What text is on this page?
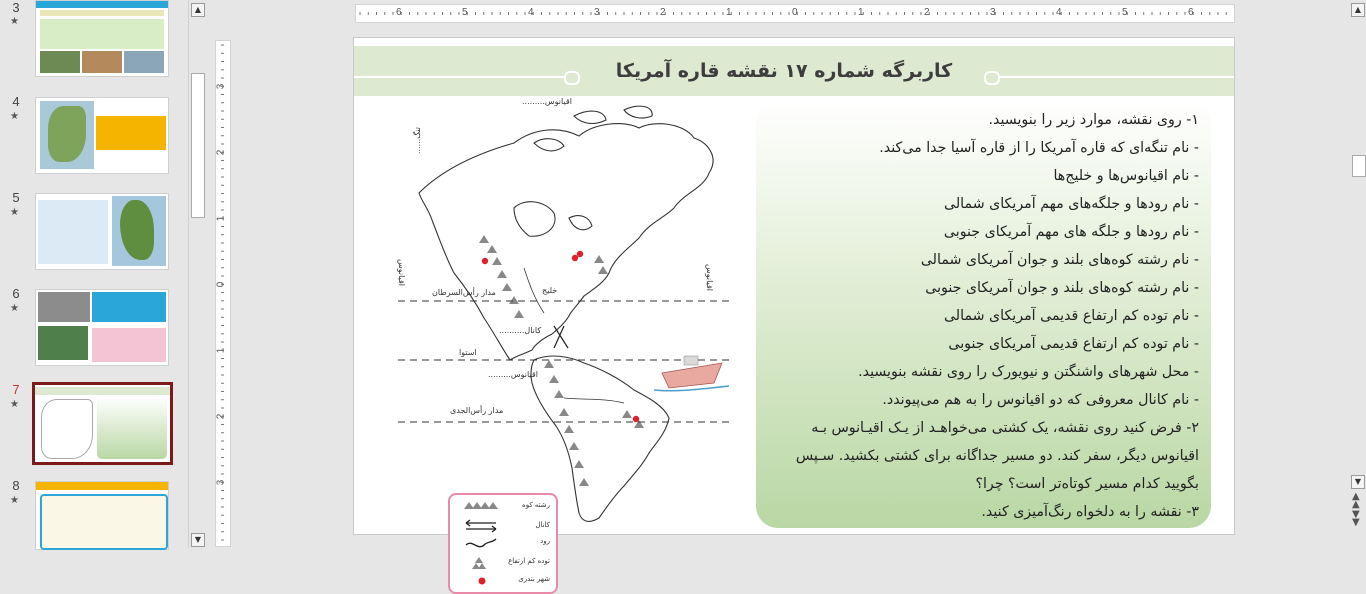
3
★
4
★
5
★
6
★
7
★
8
★
▲
▼
6	5	4	3	2	1	0	1	2	3	4	5	6
3
2
1
0
1
2
3
کاربرگه شماره ۱۷ نقشه قاره آمریکا
اقیانوس.........
تنگ......
اقیانوس	اقیانوس
مدار رأس‌السرطان	خلیج
کانال..........
استوا
اقیانوس.........
مدار رأس‌الجدی
رشته کوه
کانال
رود
توده کم ارتفاع
شهر بندری
۱- روی نقشه، موارد زیر را بنویسید.
- نام تنگه‌ای که قاره آمریکا را از قاره آسیا جدا می‌کند.
- نام اقیانوس‌ها و خلیج‌ها
- نام رودها و جلگه‌های مهم آمریکای شمالی
- نام رودها و جلگه های مهم آمریکای جنوبی
- نام رشته کوه‌های بلند و جوان آمریکای شمالی
- نام رشته کوه‌های بلند و جوان آمریکای جنوبی
- نام توده کم ارتفاع قدیمی آمریکای شمالی
- نام توده کم ارتفاع قدیمی آمریکای جنوبی
- محل شهرهای واشنگتن و نیویورک را روی نقشه بنویسید.
- نام کانال معروفی که دو اقیانوس را به هم می‌پیوندد.
۲- فرض کنید روی نقشه، یک کشتی می‌خواهـد از یـک اقیـانوس بـه
اقیانوس دیگر، سفر کند. دو مسیر جداگانه برای کشتی بکشید. سـپس
بگویید کدام مسیر کوتاه‌تر است؟ چرا؟
۳- نقشه را به دلخواه رنگ‌آمیزی کنید.
▲
▼
▲
▲
▼
▼
